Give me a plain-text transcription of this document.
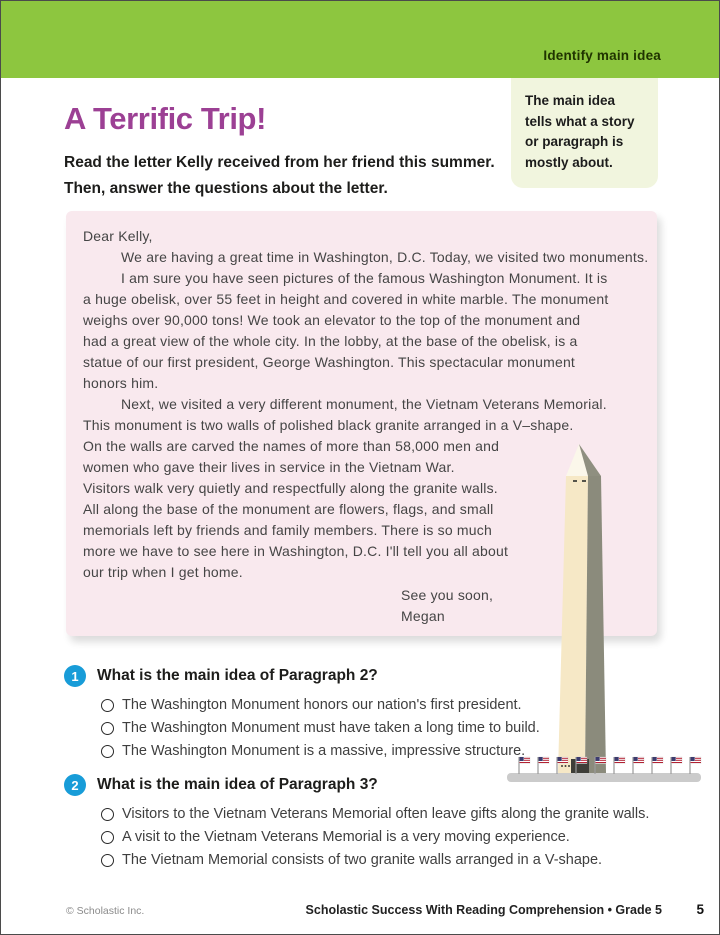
Identify main idea
The main idea tells what a story or paragraph is mostly about.
A Terrific Trip!
Read the letter Kelly received from her friend this summer.
Then, answer the questions about the letter.
Dear Kelly,
We are having a great time in Washington, D.C. Today, we visited two monuments.
I am sure you have seen pictures of the famous Washington Monument. It is
a huge obelisk, over 55 feet in height and covered in white marble. The monument
weighs over 90,000 tons! We took an elevator to the top of the monument and
had a great view of the whole city. In the lobby, at the base of the obelisk, is a
statue of our first president, George Washington. This spectacular monument
honors him.
Next, we visited a very different monument, the Vietnam Veterans Memorial.
This monument is two walls of polished black granite arranged in a V–shape.
On the walls are carved the names of more than 58,000 men and
women who gave their lives in service in the Vietnam War.
Visitors walk very quietly and respectfully along the granite walls.
All along the base of the monument are flowers, flags, and small
memorials left by friends and family members. There is so much
more we have to see here in Washington, D.C. I'll tell you all about
our trip when I get home.
See you soon,
Megan
1	What is the main idea of Paragraph 2?
The Washington Monument honors our nation's first president.
The Washington Monument must have taken a long time to build.
The Washington Monument is a massive, impressive structure.
2	What is the main idea of Paragraph 3?
Visitors to the Vietnam Veterans Memorial often leave gifts along the granite walls.
A visit to the Vietnam Veterans Memorial is a very moving experience.
The Vietnam Memorial consists of two granite walls arranged in a V-shape.
© Scholastic Inc.	Scholastic Success With Reading Comprehension • Grade 5	5
